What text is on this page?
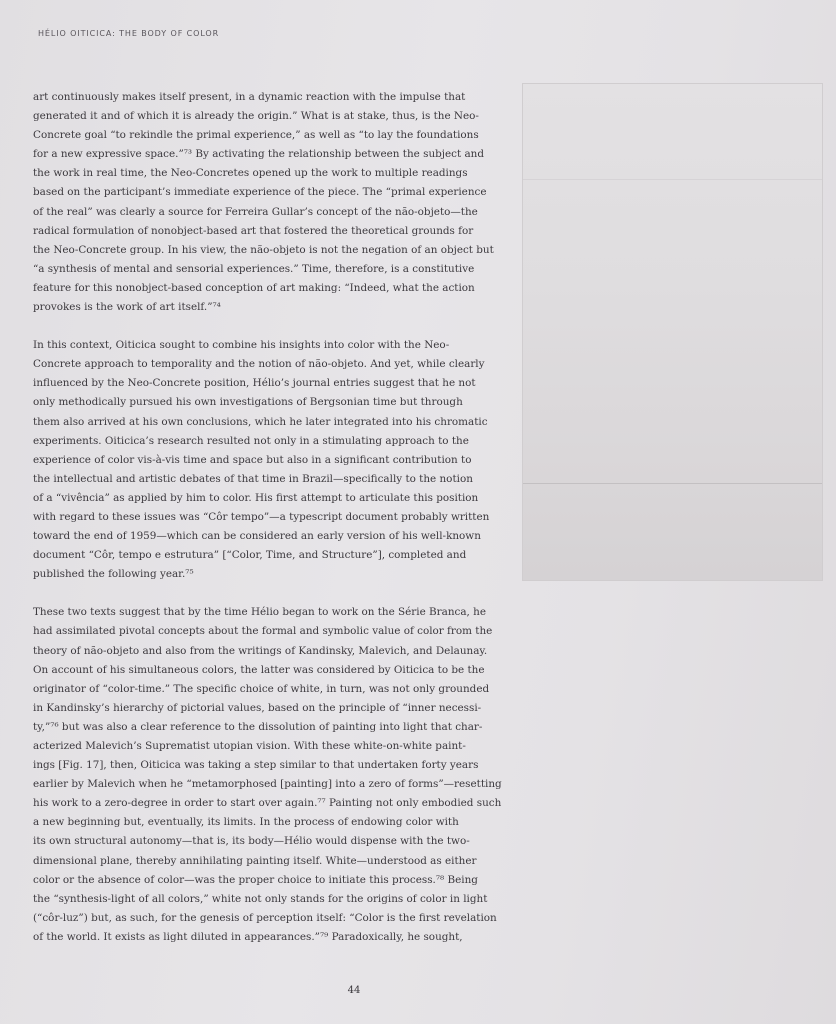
HÉLIO OITICICA: THE BODY OF COLOR
art continuously makes itself present, in a dynamic reaction with the impulse that
generated it and of which it is already the origin.” What is at stake, thus, is the Neo-
Concrete goal “to rekindle the primal experience,” as well as “to lay the foundations
for a new expressive space.”⁷³ By activating the relationship between the subject and
the work in real time, the Neo-Concretes opened up the work to multiple readings
based on the participant’s immediate experience of the piece. The “primal experience
of the real” was clearly a source for Ferreira Gullar’s concept of the não-objeto—the
radical formulation of nonobject-based art that fostered the theoretical grounds for
the Neo-Concrete group. In his view, the não-objeto is not the negation of an object but
“a synthesis of mental and sensorial experiences.” Time, therefore, is a constitutive
feature for this nonobject-based conception of art making: “Indeed, what the action
provokes is the work of art itself.”⁷⁴
In this context, Oiticica sought to combine his insights into color with the Neo-
Concrete approach to temporality and the notion of não-objeto. And yet, while clearly
influenced by the Neo-Concrete position, Hélio’s journal entries suggest that he not
only methodically pursued his own investigations of Bergsonian time but through
them also arrived at his own conclusions, which he later integrated into his chromatic
experiments. Oiticica’s research resulted not only in a stimulating approach to the
experience of color vis-à-vis time and space but also in a significant contribution to
the intellectual and artistic debates of that time in Brazil—specifically to the notion
of a “vivência” as applied by him to color. His first attempt to articulate this position
with regard to these issues was “Côr tempo”—a typescript document probably written
toward the end of 1959—which can be considered an early version of his well-known
document “Côr, tempo e estrutura” [“Color, Time, and Structure”], completed and
published the following year.⁷⁵
These two texts suggest that by the time Hélio began to work on the Série Branca, he
had assimilated pivotal concepts about the formal and symbolic value of color from the
theory of não-objeto and also from the writings of Kandinsky, Malevich, and Delaunay.
On account of his simultaneous colors, the latter was considered by Oiticica to be the
originator of “color-time.” The specific choice of white, in turn, was not only grounded
in Kandinsky’s hierarchy of pictorial values, based on the principle of “inner necessi-
ty,”⁷⁶ but was also a clear reference to the dissolution of painting into light that char-
acterized Malevich’s Suprematist utopian vision. With these white-on-white paint-
ings [Fig. 17], then, Oiticica was taking a step similar to that undertaken forty years
earlier by Malevich when he “metamorphosed [painting] into a zero of forms”—resetting
his work to a zero-degree in order to start over again.⁷⁷ Painting not only embodied such
a new beginning but, eventually, its limits. In the process of endowing color with
its own structural autonomy—that is, its body—Hélio would dispense with the two-
dimensional plane, thereby annihilating painting itself. White—understood as either
color or the absence of color—was the proper choice to initiate this process.⁷⁸ Being
the “synthesis-light of all colors,” white not only stands for the origins of color in light
(“côr-luz”) but, as such, for the genesis of perception itself: “Color is the first revelation
of the world. It exists as light diluted in appearances.”⁷⁹ Paradoxically, he sought,
44
